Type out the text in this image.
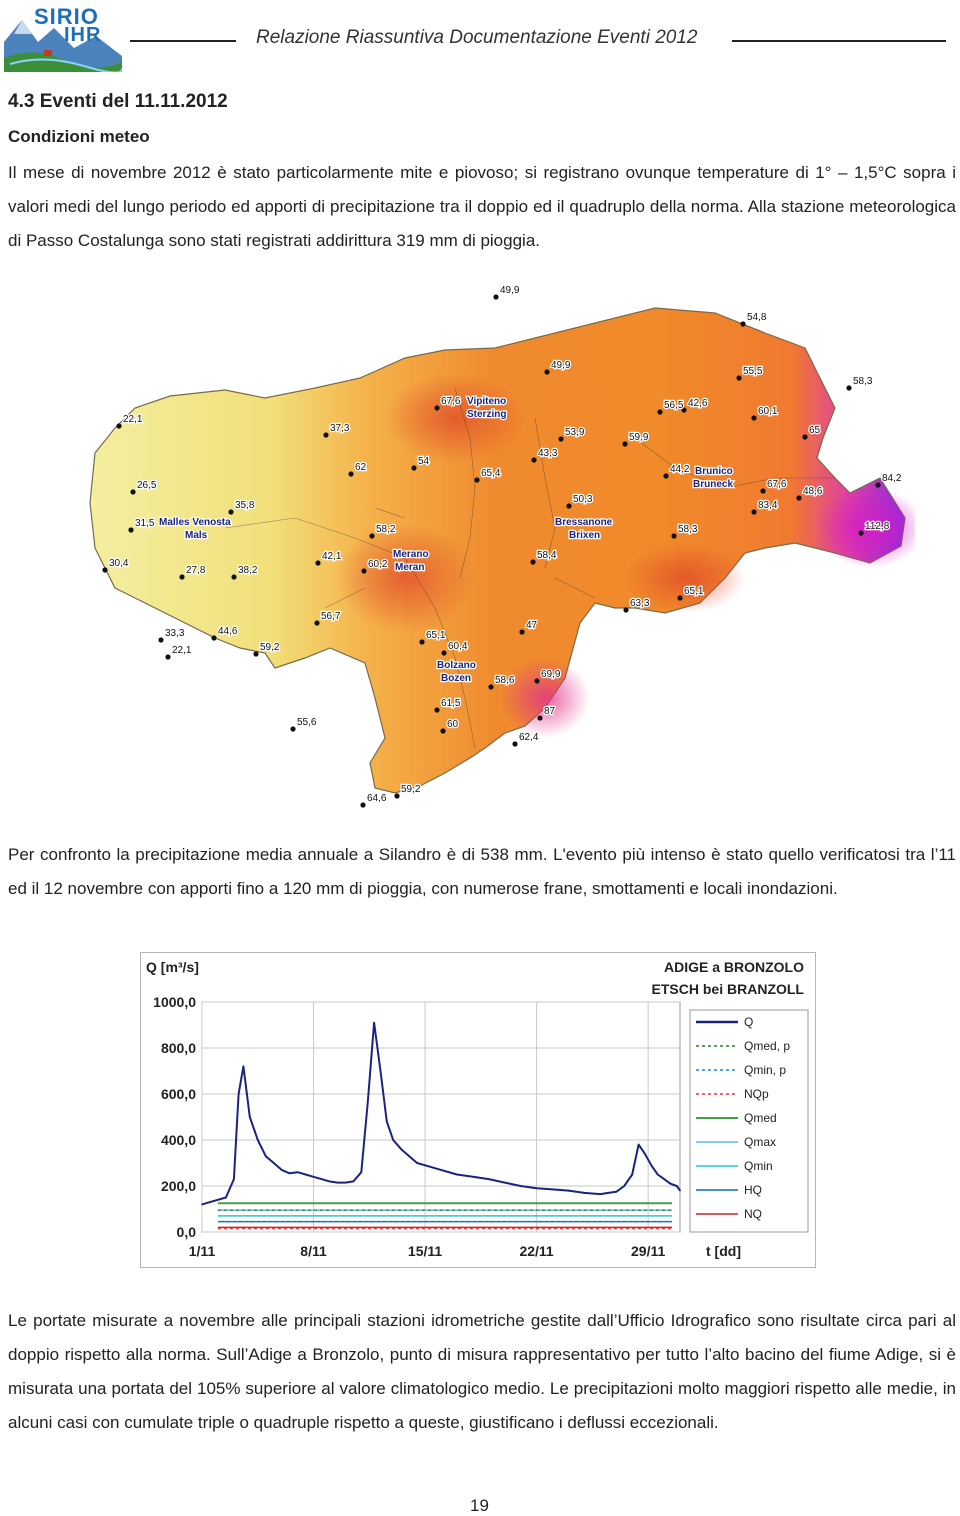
SIRIO
IHR	Relazione Riassuntiva Documentazione Eventi 2012
4.3 Eventi del 11.11.2012
Condizioni meteo
Il mese di novembre 2012 è stato particolarmente mite e piovoso; si registrano ovunque temperature di 1° – 1,5°C sopra i valori medi del lungo periodo ed apporti di precipitazione tra il doppio ed il quadruplo della norma. Alla stazione meteorologica di Passo Costalunga sono stati registrati addirittura 319 mm di pioggia.
Vipiteno
Sterzing
Brunico
Bruneck
Malles Venosta
Mals
Bressanone
Brixen
Merano
Meran
Bolzano
Bozen
49,9
54,8
49,9
55,5
58,3
22,1
37,3
67,6	56,5 42,6
60,1
65
53,9	59,9
43,3
62
54
65,4	44,2
67,6
84,2
26,5
50,3
48,6
35,8	83,4
31,5
58,2	58,3	112,8
42,1	58,4
30,4
27,8	38,2
60,2
63,3
65,1
56,7
33,3	44,6	65,1
47
22,1	59,2	60,4
69,9
58,6
61,5
87
55,6	60
62,4
64,6
59,2
Per confronto la precipitazione media annuale a Silandro è di 538 mm. L'evento più intenso è stato quello verificatosi tra l’11 ed il 12 novembre con apporti fino a 120 mm di pioggia, con numerose frane, smottamenti e locali inondazioni.
Q [m³/s]	ADIGE a BRONZOLO
ETSCH bei BRANZOLL
0,0
200,0
400,0
600,0
800,0
1000,0
1/11	8/11	15/11	22/11	29/11	t [dd]
Q
Qmed, p
Qmin, p
NQp
Qmed
Qmax
Qmin
HQ
NQ
Le portate misurate a novembre alle principali stazioni idrometriche gestite dall’Ufficio Idrografico sono risultate circa pari al doppio rispetto alla norma. Sull’Adige a Bronzolo, punto di misura rappresentativo per tutto l’alto bacino del fiume Adige, si è misurata una portata del 105% superiore al valore climatologico medio. Le precipitazioni molto maggiori rispetto alle medie, in alcuni casi con cumulate triple o quadruple rispetto a queste, giustificano i deflussi eccezionali.
19
